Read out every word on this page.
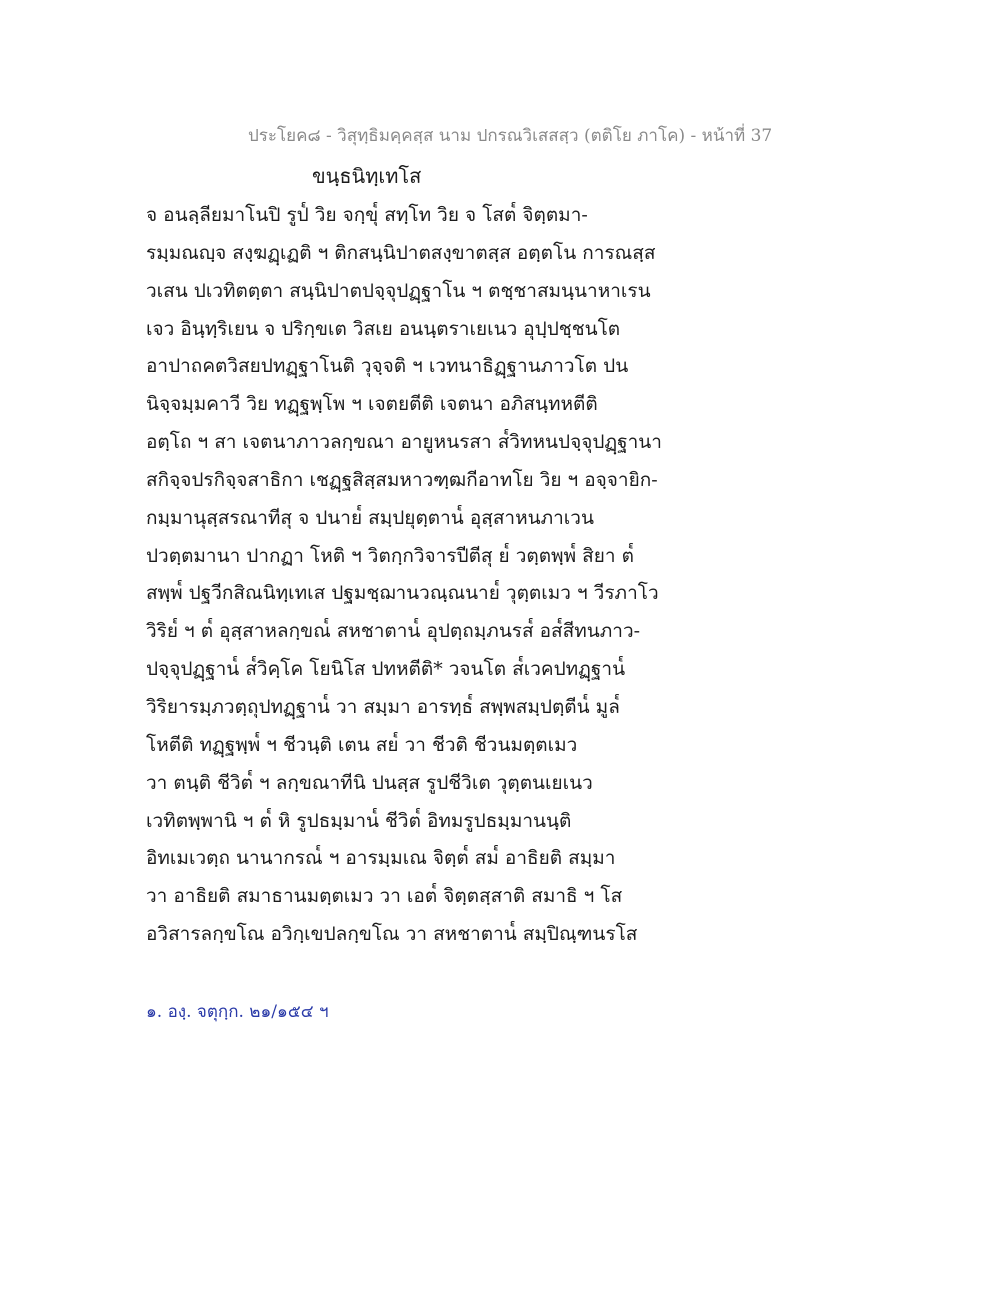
ประโยค๘ - วิสุทฺธิมคฺคสฺส นาม ปกรณวิเสสสฺว (ตติโย ภาโค) - หน้าที่ 37
ขนฺธนิทฺเทโส
จ อนลฺลียมาโนปิ รูป๎ วิย จกฺขุ๎ สทฺโท วิย จ โสต๎ จิตฺตมา-
รมฺมณญฺจ สงฺฆฏฺเฏติ ฯ ติกสนฺนิปาตสงฺขาตสฺส อตฺตโน การณสฺส
วเสน ปเวทิตตฺตา สนฺนิปาตปจฺจุปฏฺฐาโน ฯ ตชฺชาสมนฺนาหาเรน
เจว อินฺทฺริเยน จ ปริกฺขเต วิสเย อนนฺตราเยเนว อุปฺปชฺชนโต
อาปาถคตวิสยปทฏฺฐาโนติ วุจฺจติ ฯ เวทนาธิฏฺฐานภาวโต ปน
นิจฺจมฺมคาวี วิย ทฏฺฐพฺโพ ฯ เจตยตีติ เจตนา อภิสนฺทหตีติ
อตฺโถ ฯ สา เจตนาภาวลกฺขณา อายูหนรสา ส๎วิทหนปจฺจุปฏฺฐานา
สกิจฺจปรกิจฺจสาธิกา เชฏฺฐสิสฺสมหาวฑฺฒกีอาทโย วิย ฯ อจฺจายิก-
กมฺมานุสฺสรณาทีสุ จ ปนาย๎ สมฺปยุตฺตาน๎ อุสฺสาหนภาเวน
ปวตฺตมานา ปากฏา โหติ ฯ วิตกฺกวิจารปีตีสุ ย๎ วตฺตพฺพ๎ สิยา ต๎
สพฺพ๎ ปฐวีกสิณนิทฺเทเส ปฐมชฺฌานวณฺณนาย๎ วุตฺตเมว ฯ วีรภาโว
วิริย๎ ฯ ต๎ อุสฺสาหลกฺขณ๎ สหชาตาน๎ อุปตฺถมฺภนรส๎ อส๎สีทนภาว-
ปจฺจุปฏฺฐาน๎ ส๎วิคฺโค โยนิโส ปทหตีติ* วจนโต ส๎เวคปทฏฺฐาน๎
วิริยารมฺภวตฺถุปทฏฺฐาน๎ วา สมฺมา อารทฺธ๎ สพฺพสมฺปตฺตีน๎ มูล๎
โหตีติ ทฏฺฐพฺพ๎ ฯ ชีวนฺติ เตน สย๎ วา ชีวติ ชีวนมตฺตเมว
วา ตนฺติ ชีวิต๎ ฯ ลกฺขณาทีนิ ปนสฺส รูปชีวิเต วุตฺตนเยเนว
เวทิตพฺพานิ ฯ ต๎ หิ รูปธมฺมาน๎ ชีวิต๎ อิทมรูปธมฺมานนฺติ
อิทเมเวตฺถ นานากรณ๎ ฯ อารมฺมเณ จิตฺต๎ สม๎ อาธิยติ สมฺมา
วา อาธิยติ สมาธานมตฺตเมว วา เอต๎ จิตฺตสฺสาติ สมาธิ ฯ โส
อวิสารลกฺขโณ อวิกฺเขปลกฺขโณ วา สหชาตาน๎ สมฺปิณฺฑนรโส
๑. องฺ. จตุกฺก. ๒๑/๑๕๔ ฯ
